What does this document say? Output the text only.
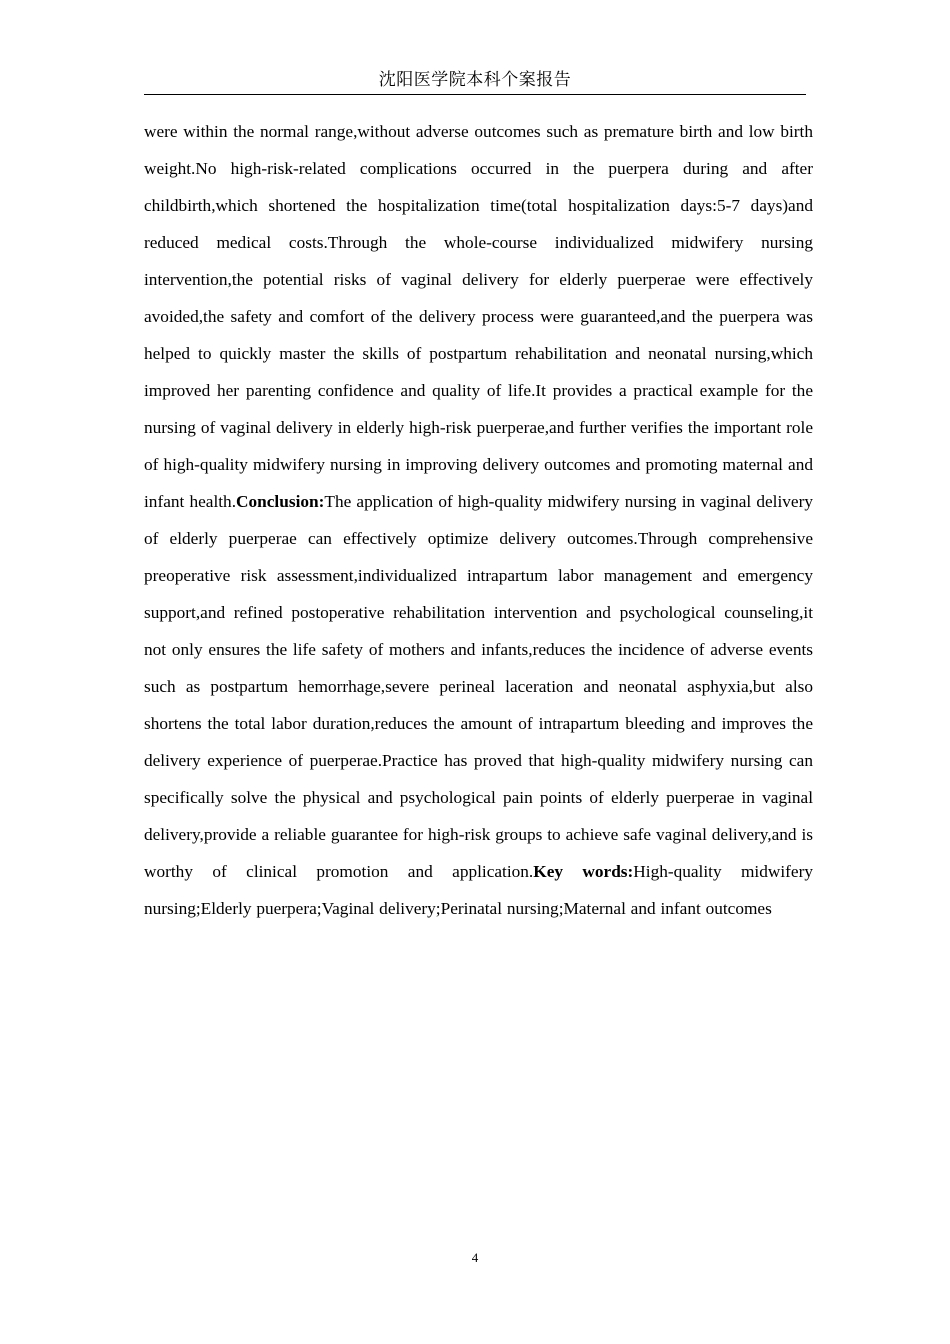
沈阳医学院本科个案报告

were within the normal range,without adverse outcomes such as premature birth and low birth weight.No high-risk-related complications occurred in the puerpera during and after childbirth,which shortened the hospitalization time(total hospitalization days:5-7 days)and reduced medical costs.Through the whole-course individualized midwifery nursing intervention,the potential risks of vaginal delivery for elderly puerperae were effectively avoided,the safety and comfort of the delivery process were guaranteed,and the puerpera was helped to quickly master the skills of postpartum rehabilitation and neonatal nursing,which improved her parenting confidence and quality of life.It provides a practical example for the nursing of vaginal delivery in elderly high-risk puerperae,and further verifies the important role of high-quality midwifery nursing in improving delivery outcomes and promoting maternal and infant health.Conclusion:The application of high-quality midwifery nursing in vaginal delivery of elderly puerperae can effectively optimize delivery outcomes.Through comprehensive preoperative risk assessment,individualized intrapartum labor management and emergency support,and refined postoperative rehabilitation intervention and psychological counseling,it not only ensures the life safety of mothers and infants,reduces the incidence of adverse events such as postpartum hemorrhage,severe perineal laceration and neonatal asphyxia,but also shortens the total labor duration,reduces the amount of intrapartum bleeding and improves the delivery experience of puerperae.Practice has proved that high-quality midwifery nursing can specifically solve the physical and psychological pain points of elderly puerperae in vaginal delivery,provide a reliable guarantee for high-risk groups to achieve safe vaginal delivery,and is worthy of clinical promotion and application.Key words:High-quality midwifery nursing;Elderly puerpera;Vaginal delivery;Perinatal nursing;Maternal and infant outcomes

4
